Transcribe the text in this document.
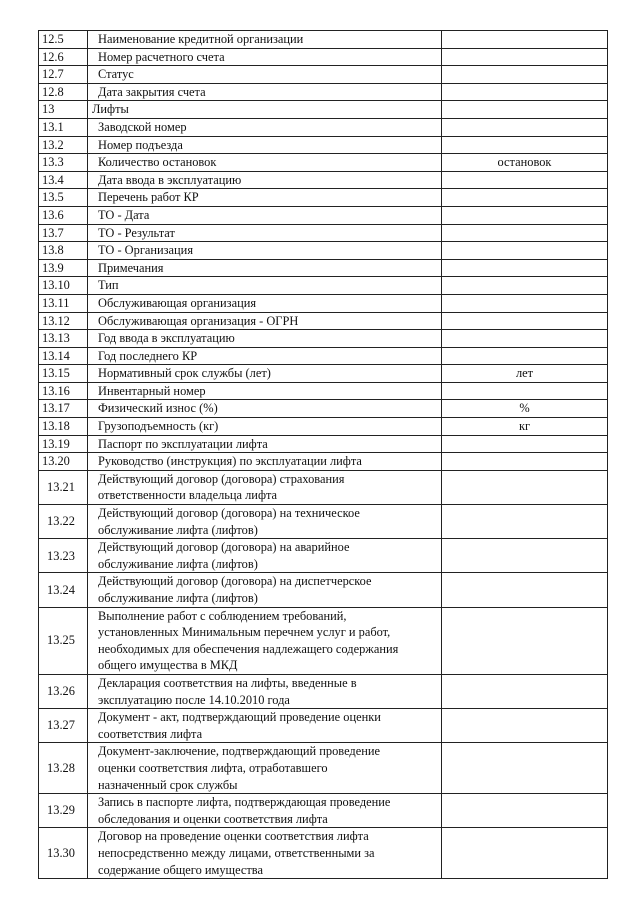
12.5	Наименование кредитной организации	
12.6	Номер расчетного счета	
12.7	Статус	
12.8	Дата закрытия счета	
13	Лифты	
13.1	Заводской номер	
13.2	Номер подъезда	
13.3	Количество остановок	остановок
13.4	Дата ввода в эксплуатацию	
13.5	Перечень работ КР	
13.6	ТО - Дата	
13.7	ТО - Результат	
13.8	ТО - Организация	
13.9	Примечания	
13.10	Тип	
13.11	Обслуживающая организация	
13.12	Обслуживающая организация - ОГРН	
13.13	Год ввода в эксплуатацию	
13.14	Год последнего КР	
13.15	Нормативный срок службы (лет)	лет
13.16	Инвентарный номер	
13.17	Физический износ (%)	%
13.18	Грузоподъемность (кг)	кг
13.19	Паспорт по эксплуатации лифта	
13.20	Руководство (инструкция) по эксплуатации лифта	
13.21	Действующий договор (договора) страхования
ответственности владельца лифта	

13.22	Действующий договор (договора) на техническое
обслуживание лифта (лифтов)	

13.23	Действующий договор (договора) на аварийное
обслуживание лифта (лифтов)	

13.24	Действующий договор (договора) на диспетчерское
обслуживание лифта (лифтов)	

13.25	Выполнение работ с соблюдением требований,
установленных Минимальным перечнем услуг и работ,
необходимых для обеспечения надлежащего содержания
общего имущества в МКД	

13.26	Декларация соответствия на лифты, введенные в
эксплуатацию после 14.10.2010 года	

13.27	Документ - акт, подтверждающий проведение оценки
соответствия лифта	

13.28	Документ-заключение, подтверждающий проведение
оценки соответствия лифта, отработавшего
назначенный срок службы	

13.29	Запись в паспорте лифта, подтверждающая проведение
обследования и оценки соответствия лифта	

13.30	Договор на проведение оценки соответствия лифта
непосредственно между лицами, ответственными за
содержание общего имущества	
